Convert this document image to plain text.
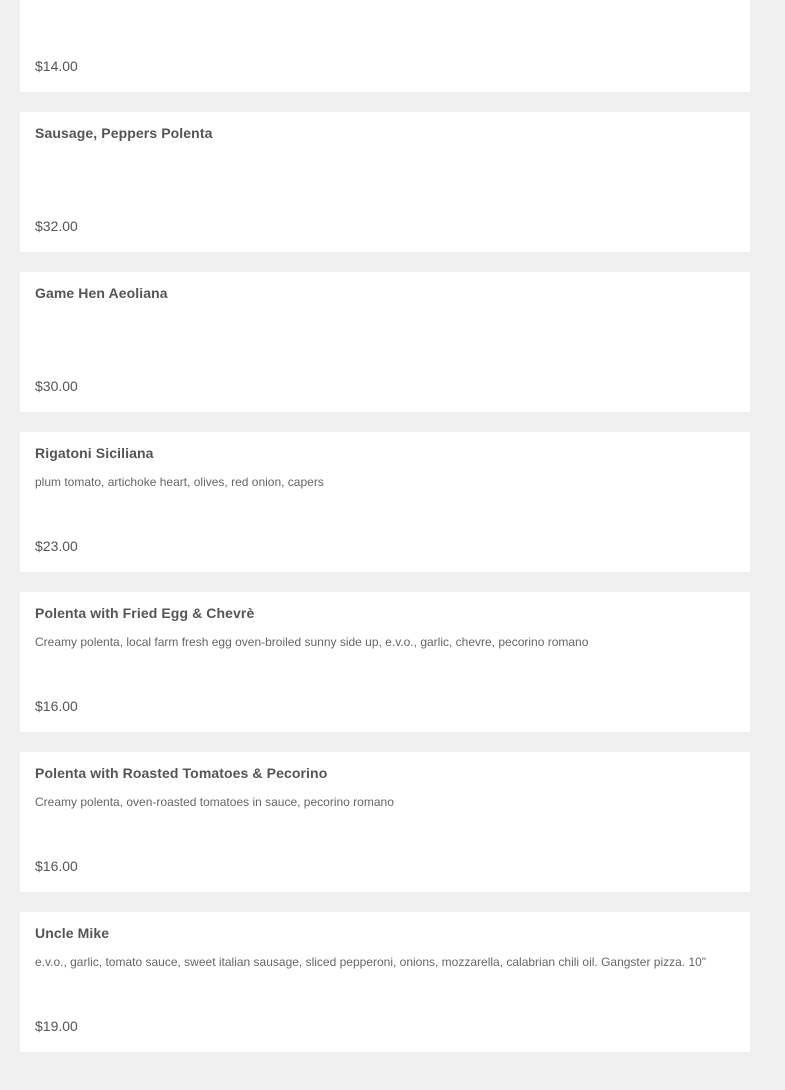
$14.00
Sausage, Peppers Polenta
$32.00
Game Hen Aeoliana
$30.00
Rigatoni Siciliana
plum tomato, artichoke heart, olives, red onion, capers
$23.00
Polenta with Fried Egg & Chevrè
Creamy polenta, local farm fresh egg oven-broiled sunny side up, e.v.o., garlic, chevre, pecorino romano
$16.00
Polenta with Roasted Tomatoes & Pecorino
Creamy polenta, oven-roasted tomatoes in sauce, pecorino romano
$16.00
Uncle Mike
e.v.o., garlic, tomato sauce, sweet italian sausage, sliced pepperoni, onions, mozzarella, calabrian chili oil. Gangster pizza. 10"
$19.00
